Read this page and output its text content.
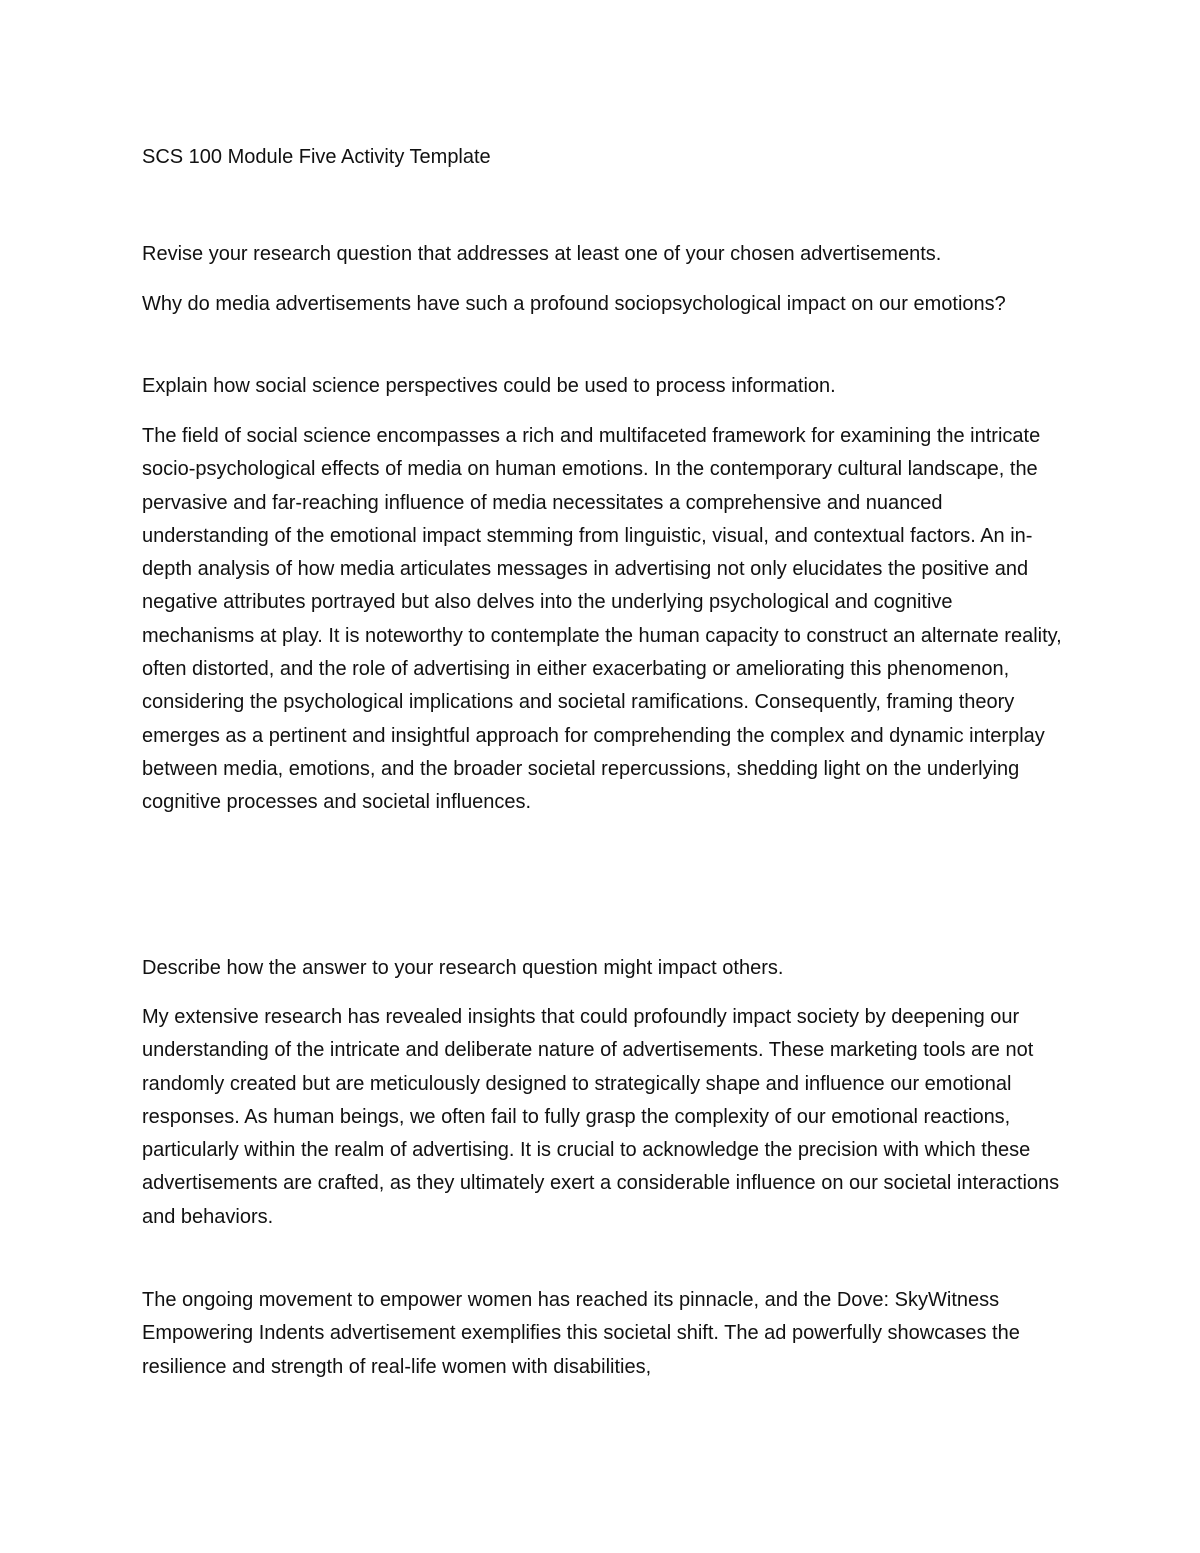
SCS 100 Module Five Activity Template

Revise your research question that addresses at least one of your chosen advertisements.

Why do media advertisements have such a profound sociopsychological impact on our emotions?

Explain how social science perspectives could be used to process information.

The field of social science encompasses a rich and multifaceted framework for examining the intricate socio-psychological effects of media on human emotions. In the contemporary cultural landscape, the pervasive and far-reaching influence of media necessitates a comprehensive and nuanced understanding of the emotional impact stemming from linguistic, visual, and contextual factors. An in-depth analysis of how media articulates messages in advertising not only elucidates the positive and negative attributes portrayed but also delves into the underlying psychological and cognitive mechanisms at play. It is noteworthy to contemplate the human capacity to construct an alternate reality, often distorted, and the role of advertising in either exacerbating or ameliorating this phenomenon, considering the psychological implications and societal ramifications. Consequently, framing theory emerges as a pertinent and insightful approach for comprehending the complex and dynamic interplay between media, emotions, and the broader societal repercussions, shedding light on the underlying cognitive processes and societal influences.

Describe how the answer to your research question might impact others.

My extensive research has revealed insights that could profoundly impact society by deepening our understanding of the intricate and deliberate nature of advertisements. These marketing tools are not randomly created but are meticulously designed to strategically shape and influence our emotional responses. As human beings, we often fail to fully grasp the complexity of our emotional reactions, particularly within the realm of advertising. It is crucial to acknowledge the precision with which these advertisements are crafted, as they ultimately exert a considerable influence on our societal interactions and behaviors.

The ongoing movement to empower women has reached its pinnacle, and the Dove: SkyWitness Empowering Indents advertisement exemplifies this societal shift. The ad powerfully showcases the resilience and strength of real-life women with disabilities,
